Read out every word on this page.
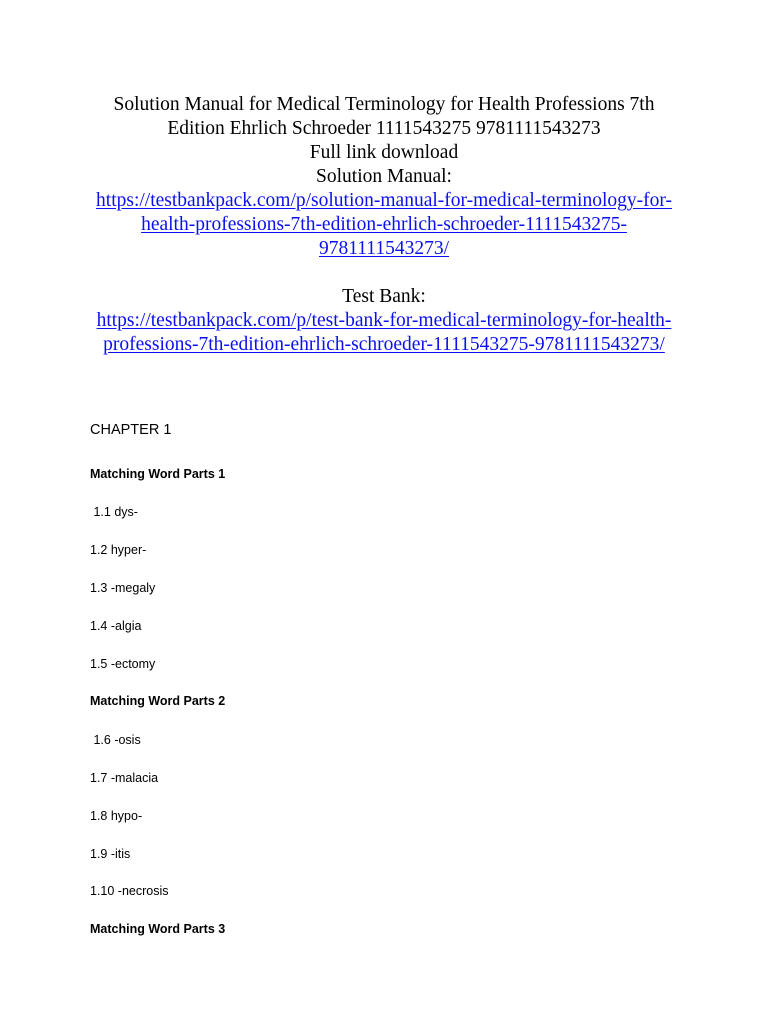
Solution Manual for Medical Terminology for Health Professions 7th
Edition Ehrlich Schroeder 1111543275 9781111543273
Full link download
Solution Manual:
https://testbankpack.com/p/solution-manual-for-medical-terminology-for-
health-professions-7th-edition-ehrlich-schroeder-1111543275-
9781111543273/
Test Bank:
https://testbankpack.com/p/test-bank-for-medical-terminology-for-health-
professions-7th-edition-ehrlich-schroeder-1111543275-9781111543273/
CHAPTER 1
Matching Word Parts 1
1.1 dys-
1.2 hyper-
1.3 -megaly
1.4 -algia
1.5 -ectomy
Matching Word Parts 2
1.6 -osis
1.7 -malacia
1.8 hypo-
1.9 -itis
1.10 -necrosis
Matching Word Parts 3
